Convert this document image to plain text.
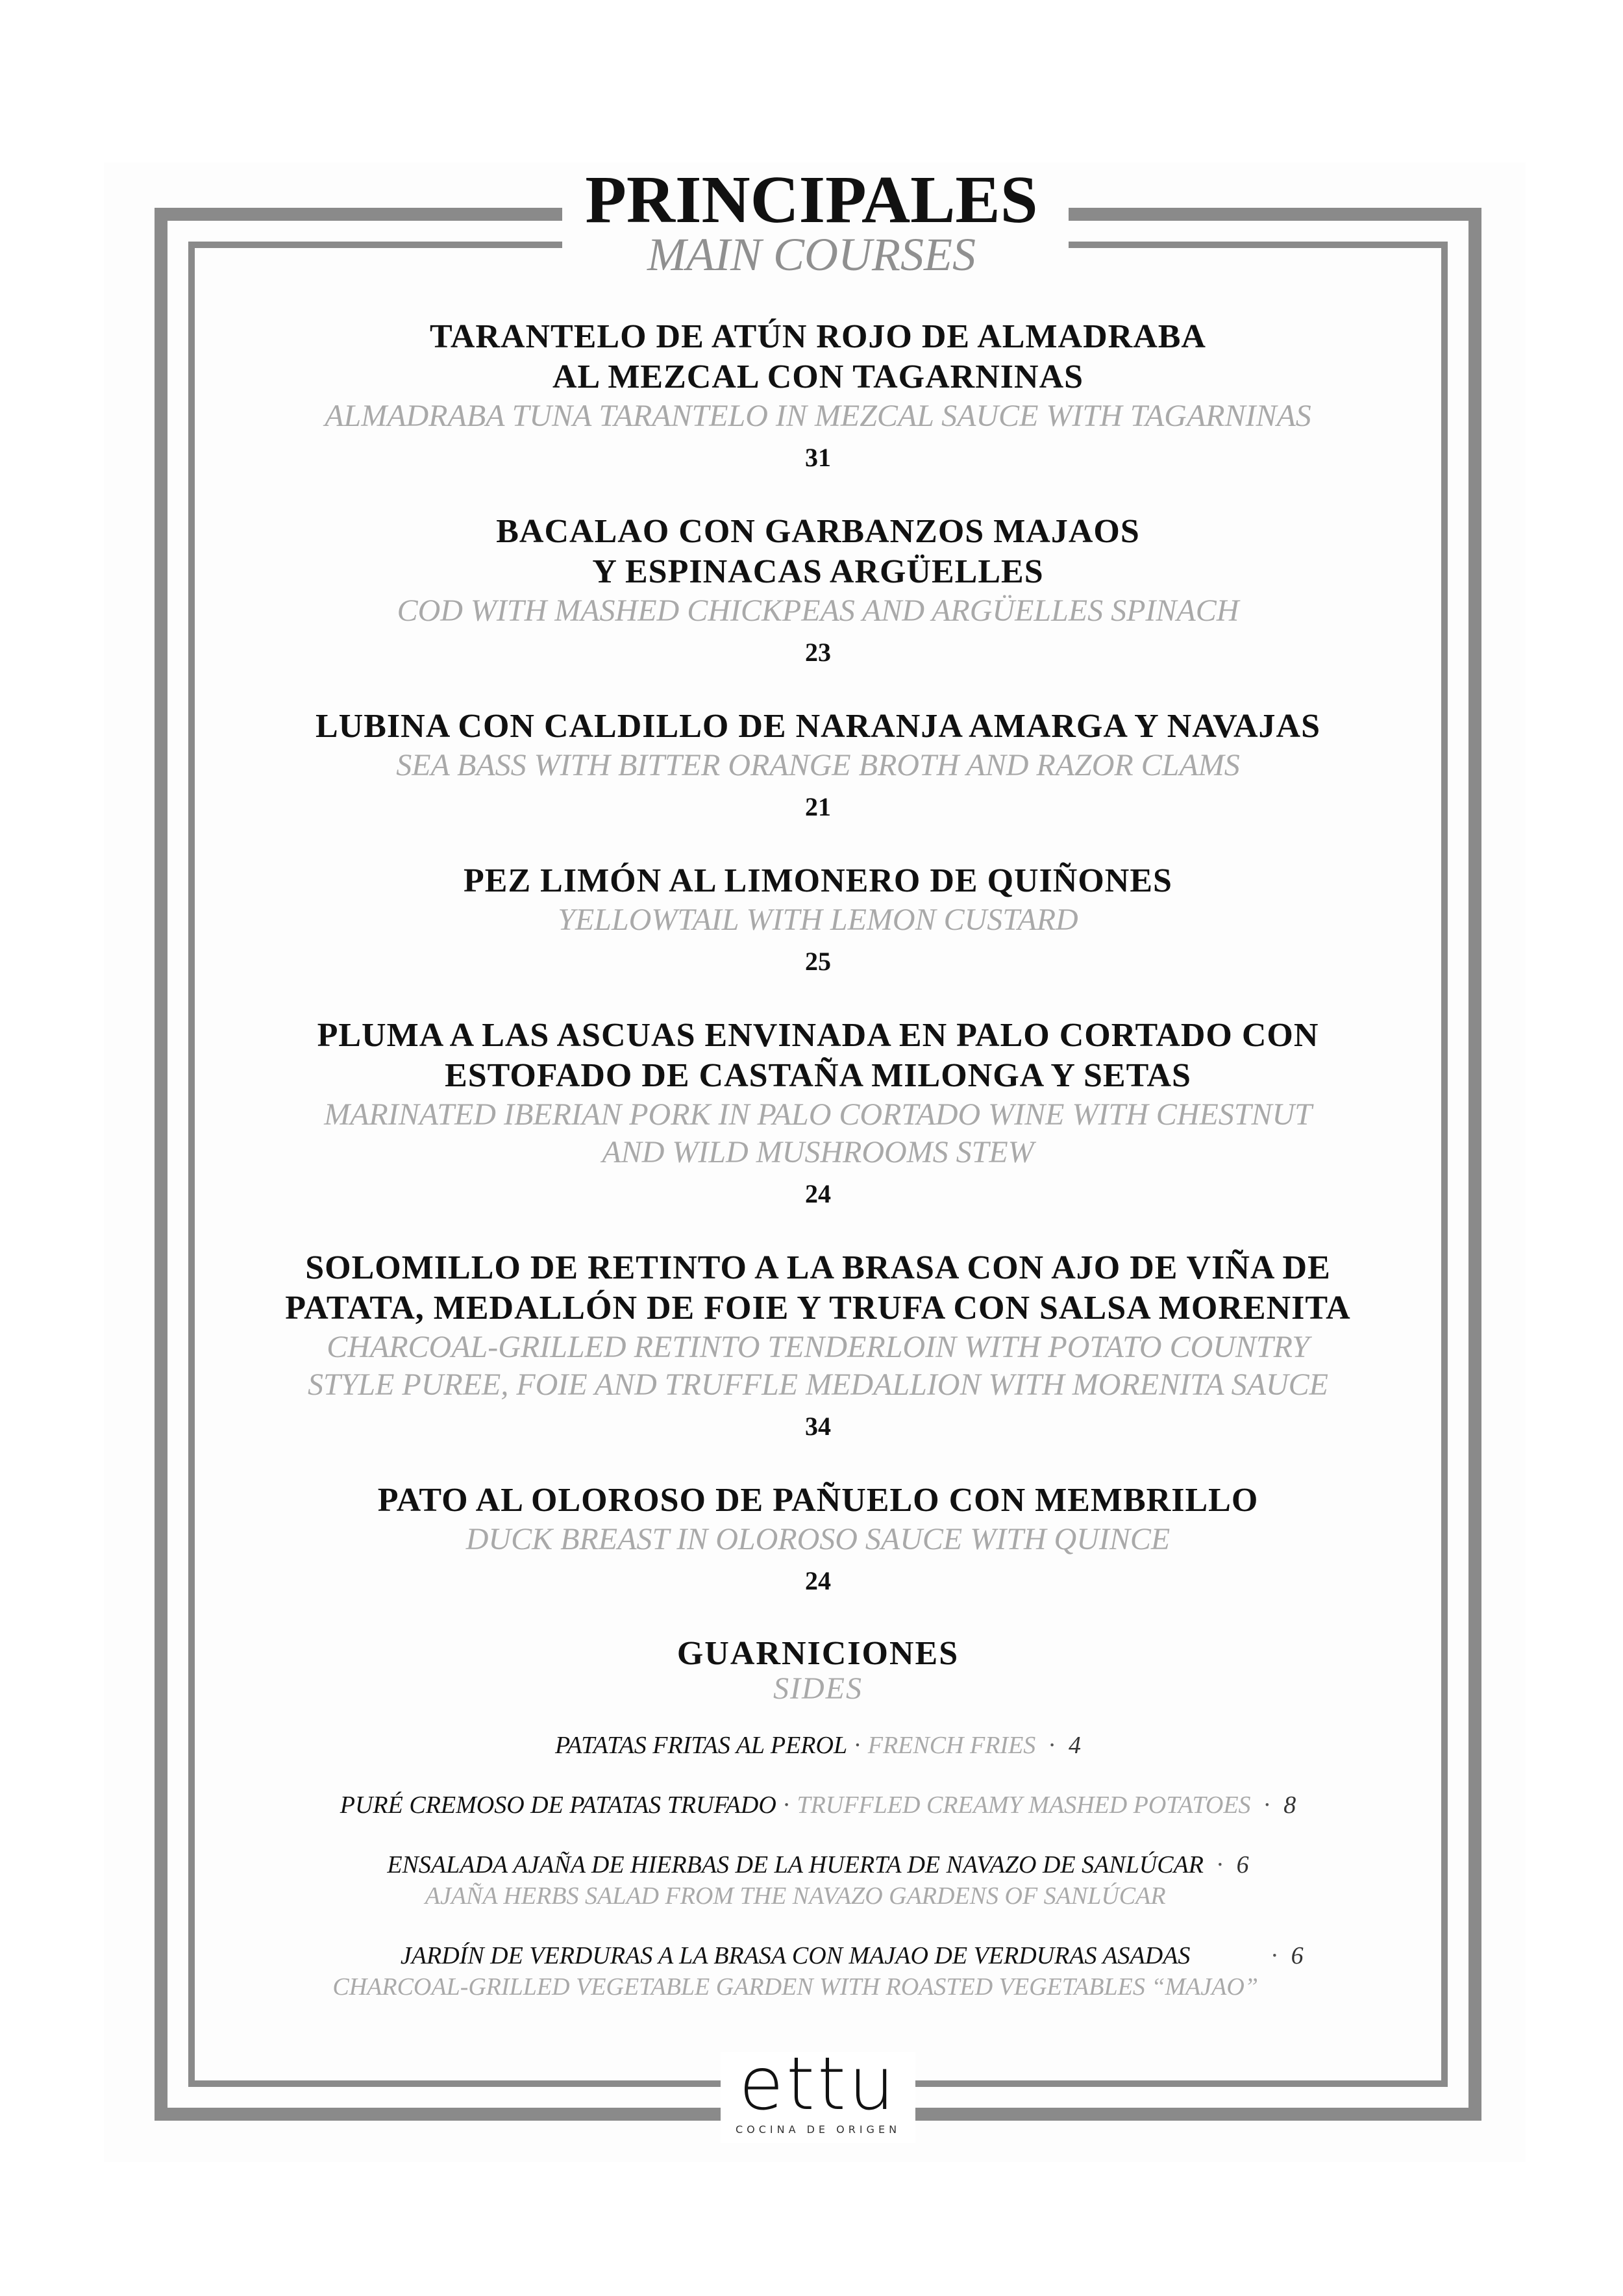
PRINCIPALES
MAIN COURSES
TARANTELO DE ATÚN ROJO DE ALMADRABA
AL MEZCAL CON TAGARNINAS
ALMADRABA TUNA TARANTELO IN MEZCAL SAUCE WITH TAGARNINAS
31
BACALAO CON GARBANZOS MAJAOS
Y ESPINACAS ARGÜELLES
COD WITH MASHED CHICKPEAS AND ARGÜELLES SPINACH
23
LUBINA CON CALDILLO DE NARANJA AMARGA Y NAVAJAS
SEA BASS WITH BITTER ORANGE BROTH AND RAZOR CLAMS
21
PEZ LIMÓN AL LIMONERO DE QUIÑONES
YELLOWTAIL WITH LEMON CUSTARD
25
PLUMA A LAS ASCUAS ENVINADA EN PALO CORTADO CON
ESTOFADO DE CASTAÑA MILONGA Y SETAS
MARINATED IBERIAN PORK IN PALO CORTADO WINE WITH CHESTNUT
AND WILD MUSHROOMS STEW
24
SOLOMILLO DE RETINTO A LA BRASA CON AJO DE VIÑA DE
PATATA, MEDALLÓN DE FOIE Y TRUFA CON SALSA MORENITA
CHARCOAL-GRILLED RETINTO TENDERLOIN WITH POTATO COUNTRY
STYLE PUREE, FOIE AND TRUFFLE MEDALLION WITH MORENITA SAUCE
34
PATO AL OLOROSO DE PAÑUELO CON MEMBRILLO
DUCK BREAST IN OLOROSO SAUCE WITH QUINCE
24
GUARNICIONES
SIDES
PATATAS FRITAS AL PEROL · FRENCH FRIES · 4
PURÉ CREMOSO DE PATATAS TRUFADO · TRUFFLED CREAMY MASHED POTATOES · 8
ENSALADA AJAÑA DE HIERBAS DE LA HUERTA DE NAVAZO DE SANLÚCAR
AJAÑA HERBS SALAD FROM THE NAVAZO GARDENS OF SANLÚCAR  · 6
JARDÍN DE VERDURAS A LA BRASA CON MAJAO DE VERDURAS ASADAS
CHARCOAL-GRILLED VEGETABLE GARDEN WITH ROASTED VEGETABLES “MAJAO”  · 6
ettu
COCINA DE ORIGEN
